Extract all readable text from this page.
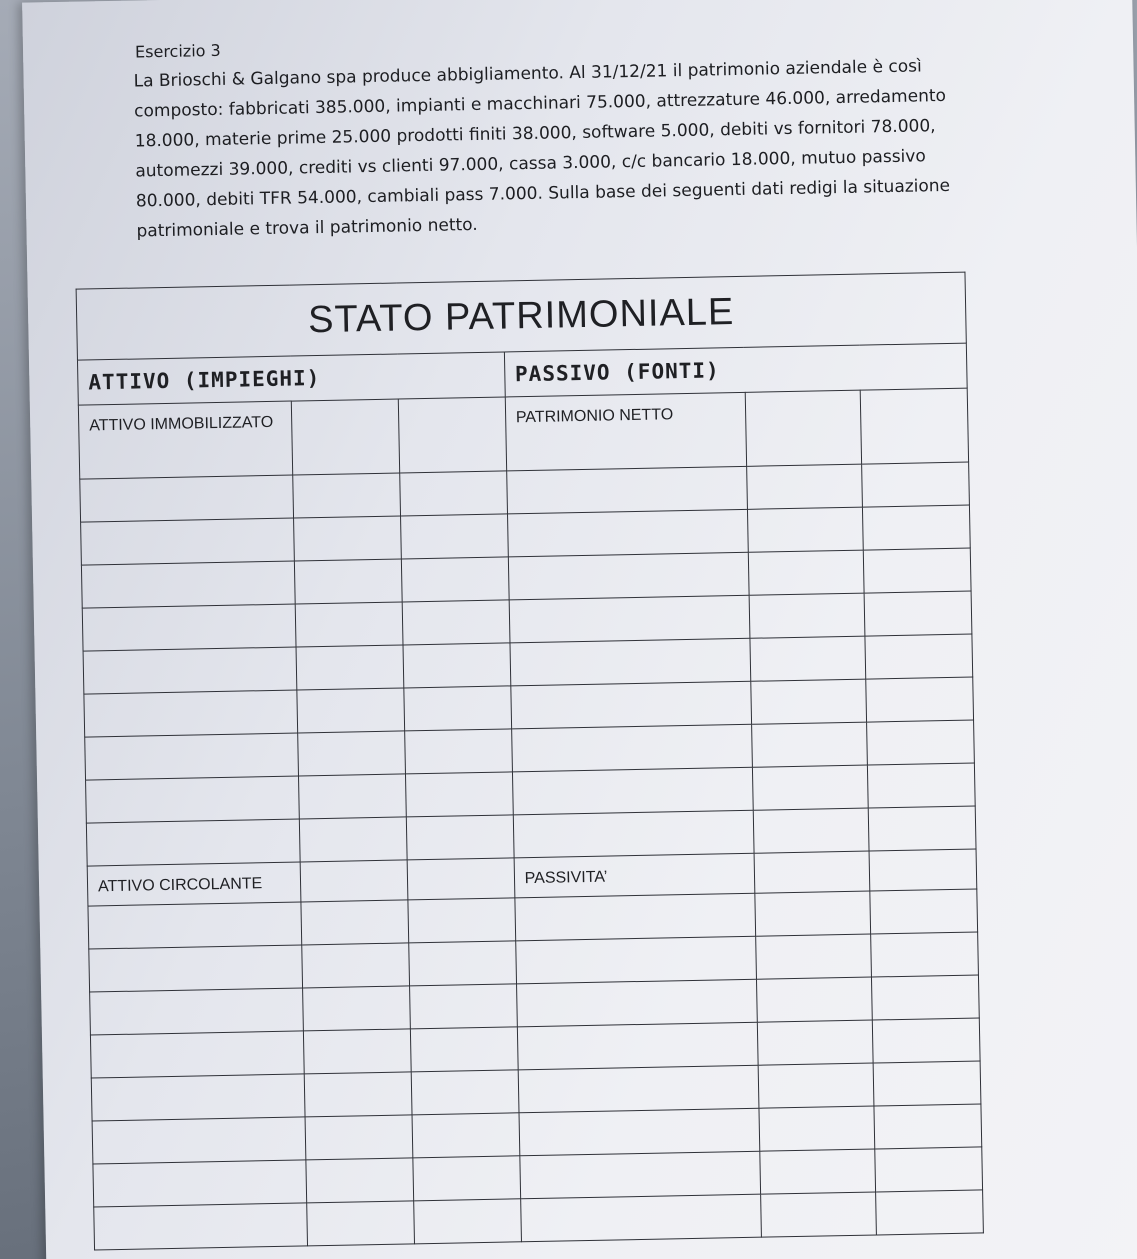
Esercizio 3

La Brioschi & Galgano spa produce abbigliamento. Al 31/12/21 il patrimonio aziendale è così composto: fabbricati 385.000, impianti e macchinari 75.000, attrezzature 46.000, arredamento 18.000, materie prime 25.000 prodotti finiti 38.000, software 5.000, debiti vs fornitori 78.000, automezzi 39.000, crediti vs clienti 97.000, cassa 3.000, c/c bancario 18.000, mutuo passivo 80.000, debiti TFR 54.000, cambiali pass 7.000. Sulla base dei seguenti dati redigi la situazione patrimoniale e trova il patrimonio netto.

STATO PATRIMONIALE					
ATTIVO (IMPIEGHI)			PASSIVO (FONTI)		
ATTIVO IMMOBILIZZATO			PATRIMONIO NETTO		

ATTIVO CIRCOLANTE			PASSIVITA’		
